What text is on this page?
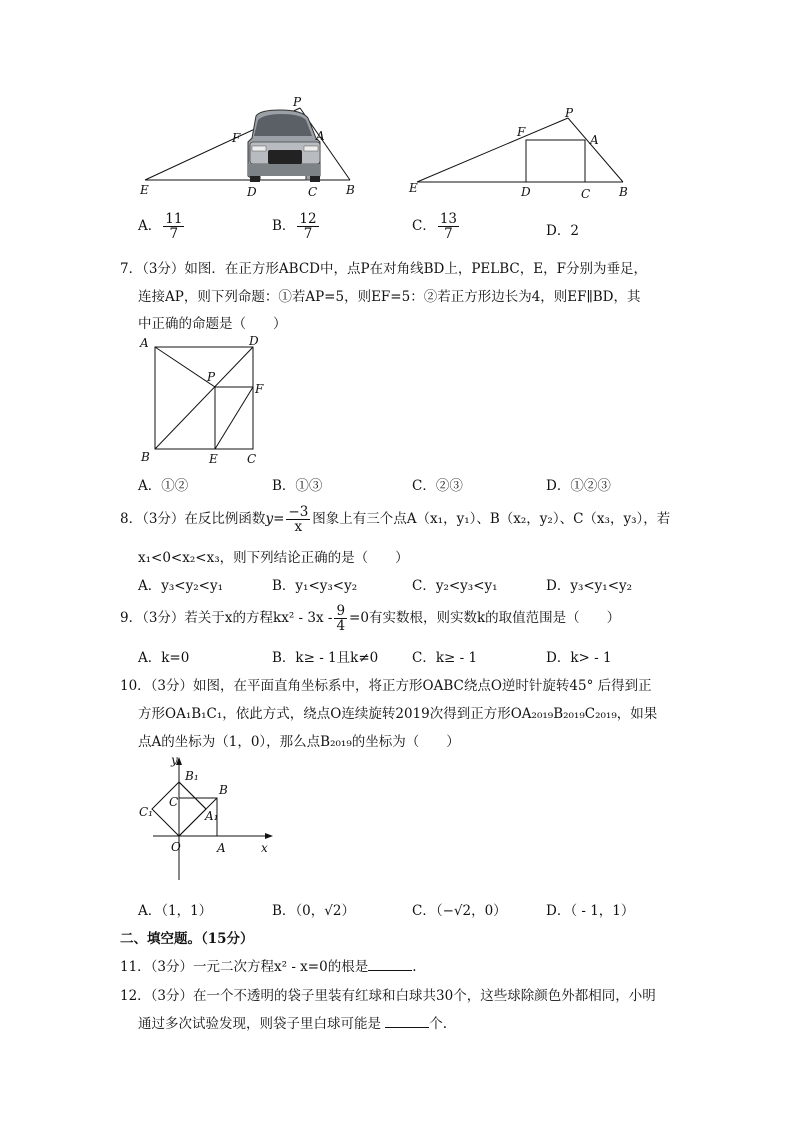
P
F	A
E	D	C B
P
F
A
E	D	C B
A． $\frac{11}{7}$	B． $\frac{12}{7}$	C． $\frac{13}{7}$	D．2
7．（3分）如图．在正方形ABCD中，点P在对角线BD上，PELBC，E，F分别为垂足，
连接AP，则下列命题：①若AP=5，则EF=5：②若正方形边长为4，则EF∥BD，其
中正确的命题是（　　）
A	D
P
F
B	E C
A．①②	B．①③	C．②③	D．①②③
8．（3分）在反比例函数$y= \frac{-3}{x}$ 图象上有三个点A（x₁，y₁）、B（x₂，y₂）、C（x₃，y₃），若
x₁<0<x₂<x₃，则下列结论正确的是（　　）
A．y₃<y₂<y₁	B．y₁<y₃<y₂	C．y₂<y₃<y₁	D．y₃<y₁<y₂
9．（3分）若关于x的方程$kx^2 - 3x - \frac{9}{4} =0$有实数根，则实数k的取值范围是（　　）
A．k=0	B．k≥ - 1且k≠0	C．k≥ - 1	D．k> - 1
10．（3分）如图，在平面直角坐标系中，将正方形OABC绕点O逆时针旋转45° 后得到正
方形OA₁B₁C₁，依此方式，绕点O连续旋转2019次得到正方形OA₂₀₁₉B₂₀₁₉C₂₀₁₉，如果
点A的坐标为（1，0），那么点B₂₀₁₉的坐标为（　　）
y
B₁
B
C
C₁	A₁
O	A	x
A．（1，1）	B．（0，√2）	C．（−√2，0）	D．（ - 1，1）
二、填空题。（15分）
11．（3分）一元二次方程x² - x=0的根是	.
12．（3分）在一个不透明的袋子里装有红球和白球共30个，这些球除颜色外都相同，小明
通过多次试验发现，则袋子里白球可能是	个.
